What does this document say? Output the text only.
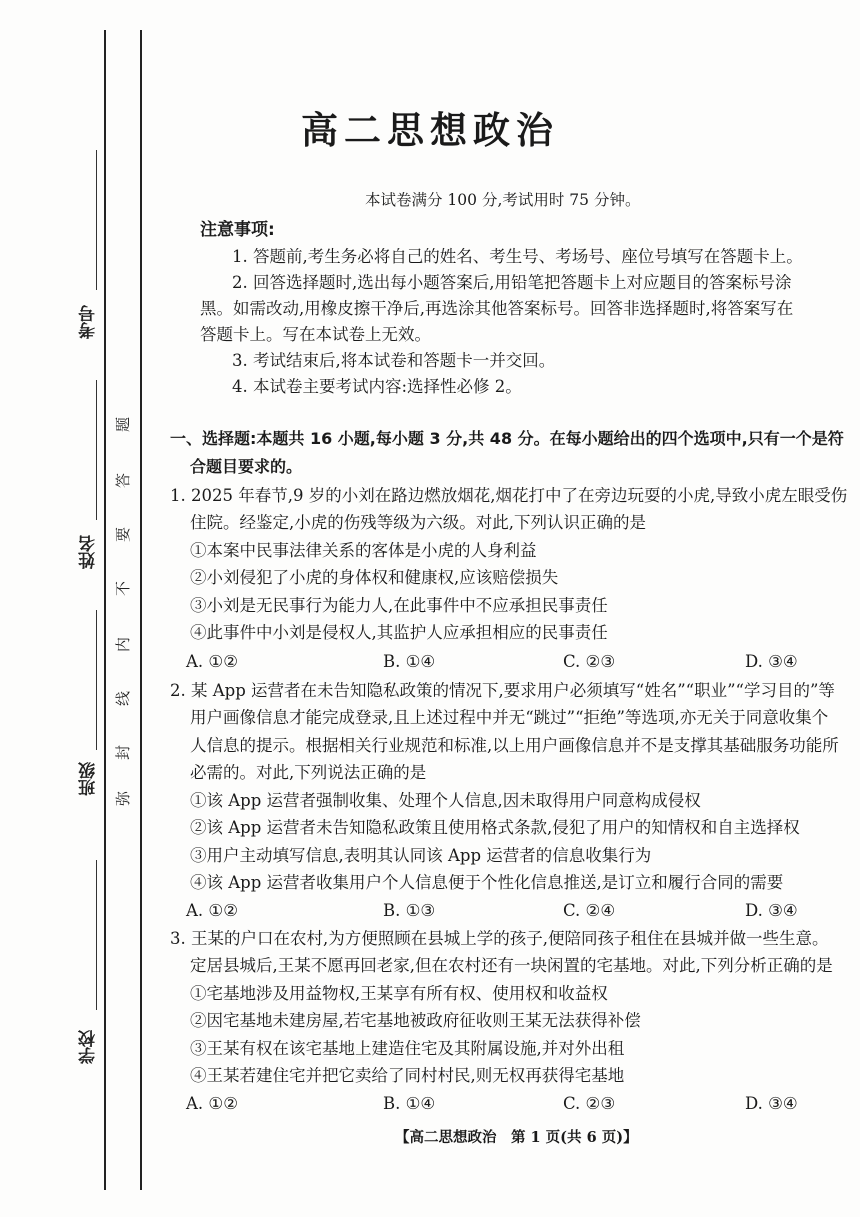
考号
姓名
班级
学校
弥
封
线
内
不
要
答
题
高二思想政治
本试卷满分 100 分,考试用时 75 分钟。
注意事项:
1. 答题前,考生务必将自己的姓名、考生号、考场号、座位号填写在答题卡上。
2. 回答选择题时,选出每小题答案后,用铅笔把答题卡上对应题目的答案标号涂
黑。如需改动,用橡皮擦干净后,再选涂其他答案标号。回答非选择题时,将答案写在
答题卡上。写在本试卷上无效。
3. 考试结束后,将本试卷和答题卡一并交回。
4. 本试卷主要考试内容:选择性必修 2。
一、选择题:本题共 16 小题,每小题 3 分,共 48 分。在每小题给出的四个选项中,只有一个是符
合题目要求的。
1. 2025 年春节,9 岁的小刘在路边燃放烟花,烟花打中了在旁边玩耍的小虎,导致小虎左眼受伤
住院。经鉴定,小虎的伤残等级为六级。对此,下列认识正确的是
①本案中民事法律关系的客体是小虎的人身利益
②小刘侵犯了小虎的身体权和健康权,应该赔偿损失
③小刘是无民事行为能力人,在此事件中不应承担民事责任
④此事件中小刘是侵权人,其监护人应承担相应的民事责任
A. ①②	B. ①④	C. ②③	D. ③④
2. 某 App 运营者在未告知隐私政策的情况下,要求用户必须填写“姓名”“职业”“学习目的”等
用户画像信息才能完成登录,且上述过程中并无“跳过”“拒绝”等选项,亦无关于同意收集个
人信息的提示。根据相关行业规范和标准,以上用户画像信息并不是支撑其基础服务功能所
必需的。对此,下列说法正确的是
①该 App 运营者强制收集、处理个人信息,因未取得用户同意构成侵权
②该 App 运营者未告知隐私政策且使用格式条款,侵犯了用户的知情权和自主选择权
③用户主动填写信息,表明其认同该 App 运营者的信息收集行为
④该 App 运营者收集用户个人信息便于个性化信息推送,是订立和履行合同的需要
A. ①②	B. ①③	C. ②④	D. ③④
3. 王某的户口在农村,为方便照顾在县城上学的孩子,便陪同孩子租住在县城并做一些生意。
定居县城后,王某不愿再回老家,但在农村还有一块闲置的宅基地。对此,下列分析正确的是
①宅基地涉及用益物权,王某享有所有权、使用权和收益权
②因宅基地未建房屋,若宅基地被政府征收则王某无法获得补偿
③王某有权在该宅基地上建造住宅及其附属设施,并对外出租
④王某若建住宅并把它卖给了同村村民,则无权再获得宅基地
A. ①②	B. ①④	C. ②③	D. ③④
【高二思想政治　第 1 页(共 6 页)】
